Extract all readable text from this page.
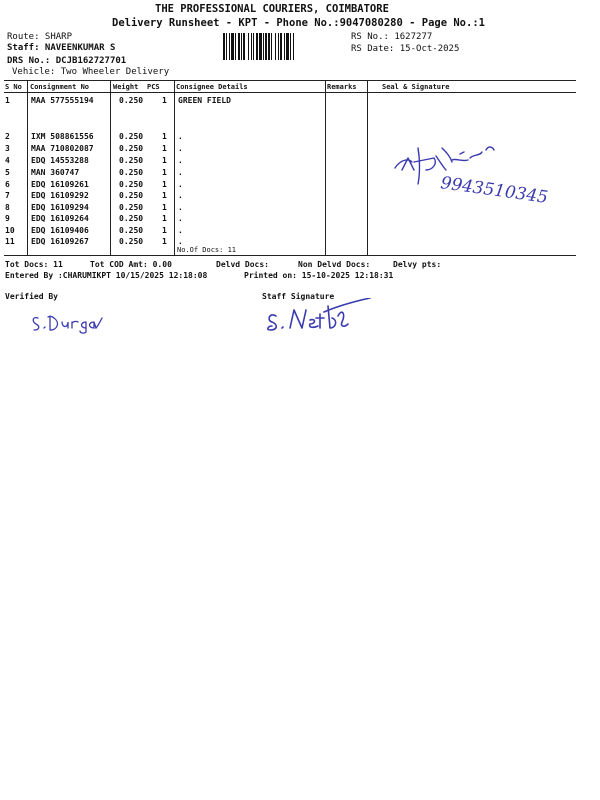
THE PROFESSIONAL COURIERS, COIMBATORE
Delivery Runsheet - KPT - Phone No.:9047080280 - Page No.:1
Route: SHARP
Staff: NAVEENKUMAR S
DRS No.: DCJB162727701
Vehicle: Two Wheeler Delivery
RS No.: 1627277
RS Date: 15-Oct-2025
S No Consignment No	Weight PCS Consignee Details	Remarks	Seal & Signature
1	MAA 577555194	0.250 1 GREEN FIELD
2	IXM 508861556	0.250 1 .
3	MAA 710802087	0.250 1 .
4	EDQ 14553288	0.250 1 .
5	MAN 360747	0.250 1 .
6	EDQ 16109261	0.250 1 .
7	EDQ 16109292	0.250 1 .
8	EDQ 16109294	0.250 1 .
9	EDQ 16109264	0.250 1 .
10 EDQ 16109406	0.250 1 .
11 EDQ 16109267	0.250 1 .
No.Of Docs: 11
Tot Docs: 11	Tot COD Amt: 0.00	Delvd Docs:	Non Delvd Docs:	Delvy pts:
Entered By :CHARUMIKPT 10/15/2025 12:18:08	Printed on: 15-10-2025 12:18:31
Verified By	Staff Signature
9943510345
